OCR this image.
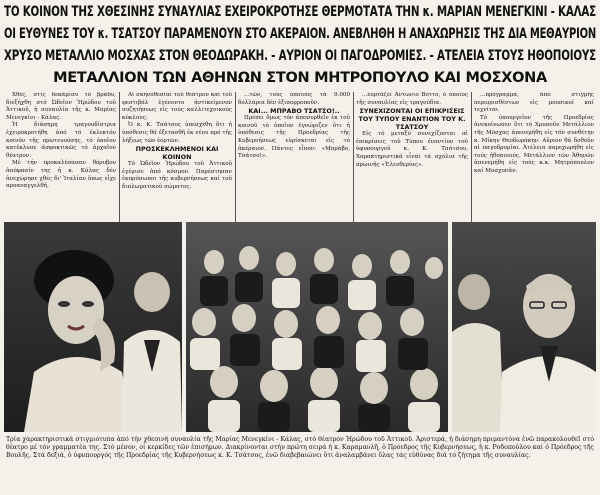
ΤΟ ΚΟΙΝΟΝ ΤΗΣ ΧΘΕΣΙΝΗΣ ΣΥΝΑΥΛΙΑΣ ΕΧΕΙΡΟΚΡΟΤΗΣΕ ΘΕΡΜΟΤΑΤΑ ΤΗΝ κ. ΜΑΡΙΑΝ ΜΕΝΕΓΚΙΝΙ - ΚΑΛΑΣ
ΟΙ ΕΥΘΥΝΕΣ ΤΟΥ κ. ΤΣΑΤΣΟΥ ΠΑΡΑΜΕΝΟΥΝ ΣΤΟ ΑΚΕΡΑΙΟΝ. ΑΝΕΒΛΗΘΗ Η ΑΝΑΧΩΡΗΣΙΣ ΤΗΣ ΔΙΑ ΜΕΘΑΥΡΙΟΝ
ΧΡΥΣΟ ΜΕΤΑΛΛΙΟ ΜΟΣΧΑΣ ΣΤΟΝ ΘΕΟΔΩΡΑΚΗ. - ΑΥΡΙΟΝ ΟΙ ΠΑΓΟΔΡΟΜΙΕΣ. - ΑΤΕΛΕΙΑ ΣΤΟΥΣ ΗΘΟΠΟΙΟΥΣ
ΜΕΤΑΛΛΙΟΝ ΤΩΝ ΑΘΗΝΩΝ ΣΤΟΝ ΜΗΤΡΟΠΟΥΛΟ ΚΑΙ ΜΟΣΧΟΝΑ

Χθές, στίς δεκάμισυ τό βράδυ, διεξήχθη στό Ὠδεῖον Ἡρώδου τοῦ Ἀττικοῦ, ἡ συναυλία τῆς κ. Μαρίας Μενεγκίνι - Κάλας.

Ἡ διάσημη τραγουδίστρια ἐχειροκροτήθη ἀπό τό ἐκλεκτόν κοινόν τῆς πρωτευούσης, τό ὁποῖον κατέκλυσε ἀσφυκτικῶς τό ἀρχαῖον θέατρον.

Μέ τήν προκαλέσασαν θόρυβον ἀπόφασίν της ἡ κ. Κάλας δέν ἀνεχώρησε χθές δι' Ἰταλίαν ὅπως εἶχε προαναγγελθῆ.

Αἱ σκηνοθεσίαι τοῦ θεάτρου καί τοῦ φεστιβάλ ἐγένοντο ἀντικείμενον συζητήσεως εἰς τούς καλλιτεχνικούς κύκλους.

Ὁ κ. Κ. Τσάτσος ὑπεσχέθη ὅτι ἡ ὑπόθεσις θά ἐξετασθῆ ἐκ νέου πρό τῆς λήξεως τῶν ἑορτῶν.

ΠΡΟΣΚΕΚΛΗΜΕΝΟΙ ΚΑΙ ΚΟΙΝΟΝ

Τό Ὠδεῖον Ἡρώδου τοῦ Ἀττικοῦ ἐγέμισε ἀπό κόσμον. Παρέστησαν ἐκπρόσωποι τῆς κυβερνήσεως καί τοῦ διπλωματικοῦ σώματος.

...τῶν, τούς ὁποίους τά 9.000 δολλάρια δέν ἐξισορροποῦν.

ΚΑΙ... ΜΠΡΑΒΟ ΤΣΑΤΣΟ!..

Πρέπει ὅμως τόν ἀποσυρθεῖν ἐκ τοῦ κοινοῦ τό ὁποῖον ἐγνώριζεν ὅτι ἡ ὑπόθεσις τῆς Προεδρίας τῆς Κυβερνήσεως εὑρίσκεται εἰς τό ἀκέραιον. Πάντες εἶπον: «Μπράβο, Τσάτσο!».

...ἑορτάζει Ἀντώνιο Βόττο, ὁ ὁποῖος τῆς συναυλίας εἰς τραγούδια.

ΣΥΝΕΧΙΖΟΝΤΑΙ ΟΙ ΕΠΙΚΡΙΣΕΙΣ ΤΟΥ ΤΥΠΟΥ ΕΝΑΝΤΙΟΝ ΤΟΥ Κ. ΤΣΑΤΣΟΥ

Εἰς τό μεταξύ συνεχίζονται αἱ ἐπικρίσεις τοῦ Τύπου ἐναντίον τοῦ ὑφυπουργοῦ κ. Κ. Τσάτσου. Χαρακτηριστικά εἶναι τά σχόλια τῆς πρωινῆς «Ἐλευθερίας».

...πρόγραμμα, ἀπό στιγμῆς περιορισθέντων εἰς μουσικοί καί τεχνίται.

Τό ὑπουργεῖον τῆς Προεδρίας ἀνεκοίνωσεν ὅτι τό Χρυσοῦν Μετάλλιον τῆς Μόσχας ἀπενεμήθη εἰς τόν συνθέτην κ. Μίκην Θεοδωράκην. Αὔριον θά δοθοῦν αἱ παγοδρομίαι. Ἀτέλεια παρεχωρήθη εἰς τούς ἠθοποιούς. Μετάλλιον τῶν Ἀθηνῶν ἀπενεμήθη εἰς τούς κ.κ. Μητρόπουλον καί Μοσχονᾶν.

Τρία χαρακτηριστικά στιγμιότυπα ἀπό τήν χθεσινή συναυλία τῆς Μαρίας Μενεγκίνι - Κάλας, στό θέατρον Ἡρώδου τοῦ Ἀττικοῦ. Ἀριστερά, ἡ διάσημη πριμαντόνα ἐνῶ παρακολουθεῖ στό θέατρο μέ τόν γραμματέα της. Στό μέσον, οἱ κερκίδες τῶν ἐπισήμων. Διακρίνονται στήν πρώτη σειρά ἡ κ. Καραμανλῆ, ὁ Πρόεδρος τῆς Κυβερνήσεως, ἡ κ. Ροδοπούλου καί ὁ Πρόεδρος τῆς Βουλῆς. Στά δεξιά, ὁ ὑφυπουργός τῆς Προεδρίας τῆς Κυβερνήσεως κ. Κ. Τσάτσος, ἐνῶ διαβεβαιώνει ὅτι ἀναλαμβάνει ὅλας τάς εὐθύνας διά τό ζήτημα τῆς συναυλίας.
